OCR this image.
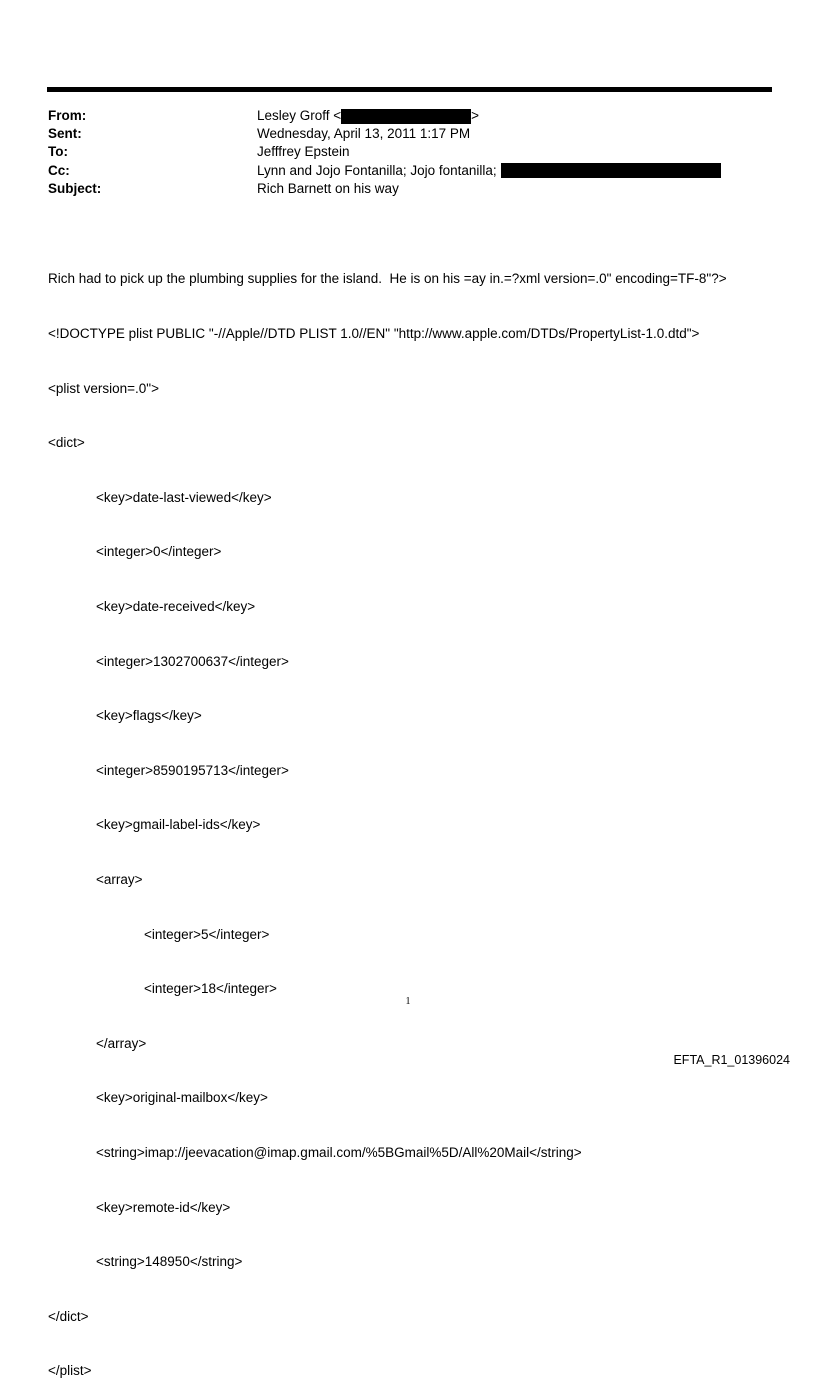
From:	Lesley Groff <	>
Sent:	Wednesday, April 13, 2011 1:17 PM
To:	Jefffrey Epstein
Cc:	Lynn and Jojo Fontanilla; Jojo fontanilla;
Subject:	Rich Barnett on his way

Rich had to pick up the plumbing supplies for the island.  He is on his =ay in.=?xml version=.0" encoding=TF-8"?>

<!DOCTYPE plist PUBLIC "-//Apple//DTD PLIST 1.0//EN" "http://www.apple.com/DTDs/PropertyList-1.0.dtd">

<plist version=.0">

<dict>

<key>date-last-viewed</key>

<integer>0</integer>

<key>date-received</key>

<integer>1302700637</integer>

<key>flags</key>

<integer>8590195713</integer>

<key>gmail-label-ids</key>

<array>

<integer>5</integer>

<integer>18</integer>

</array>

<key>original-mailbox</key>

<string>imap://jeevacation@imap.gmail.com/%5BGmail%5D/All%20Mail</string>

<key>remote-id</key>

<string>148950</string>

</dict>

</plist>

1
EFTA_R1_01396024
